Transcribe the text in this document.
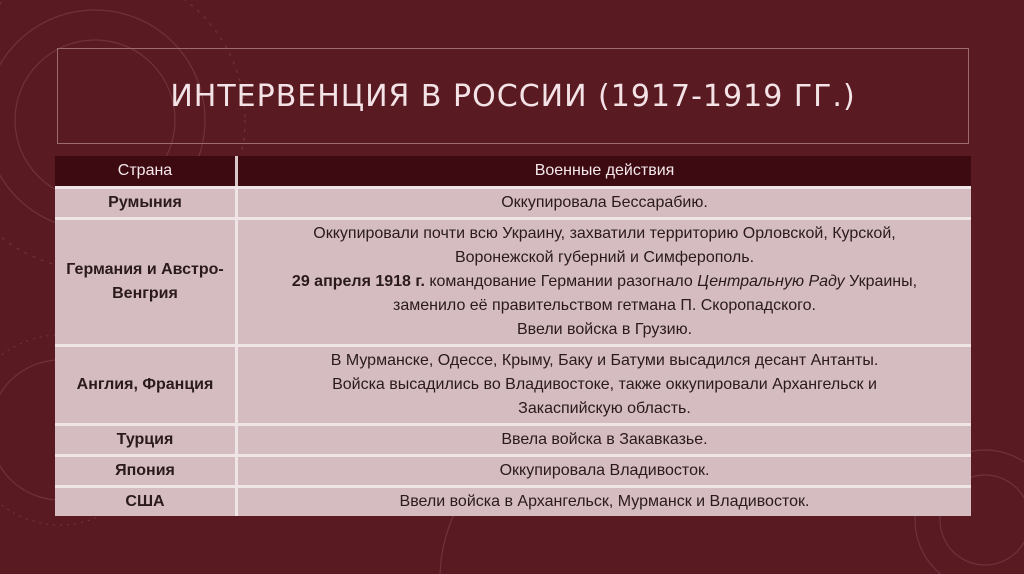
ИНТЕРВЕНЦИЯ В РОССИИ (1917-1919 ГГ.)
Страна	Военные действия
Румыния	Оккупировала Бессарабию.

Германия и Австро-Венгрия	Оккупировали почти всю Украину, захватили территорию Орловской, Курской,
Воронежской губерний и Симферополь.
29 апреля 1918 г. командование Германии разогнало Центральную Раду Украины,
заменило её правительством гетмана П. Скоропадского.
Ввели войска в Грузию.

Англия, Франция	В Мурманске, Одессе, Крыму, Баку и Батуми высадился десант Антанты.
Войска высадились во Владивостоке, также оккупировали Архангельск и
Закаспийскую область.

Турция	Ввела войска в Закавказье.

Япония	Оккупировала Владивосток.

США	Ввели войска в Архангельск, Мурманск и Владивосток.
